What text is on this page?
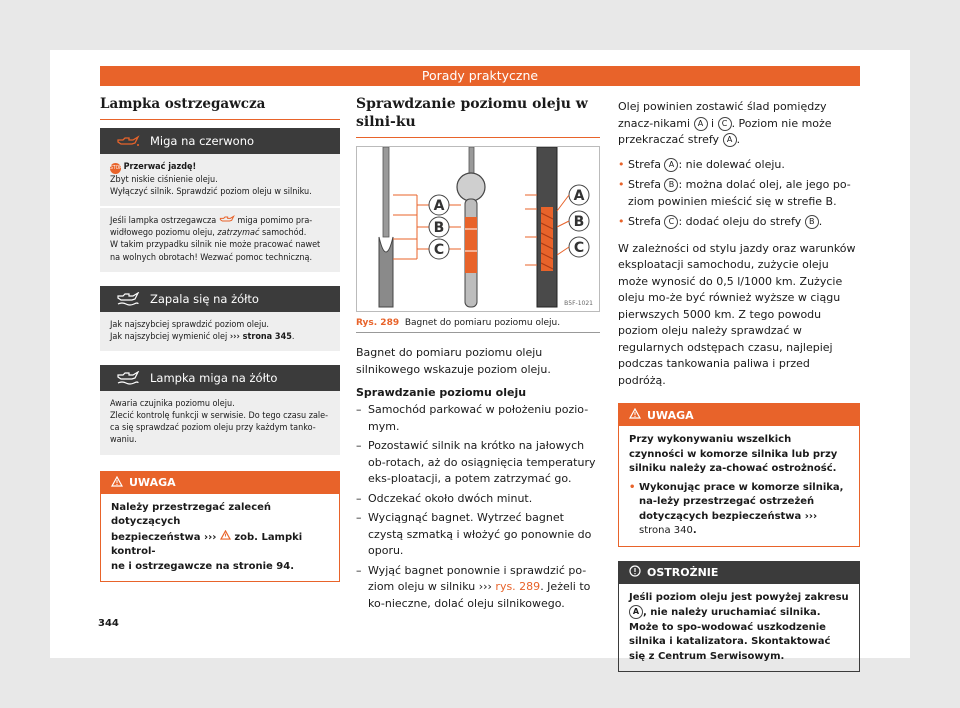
Porady praktyczne
Lampka ostrzegawcza
Miga na czerwono

STOP Przerwać jazdę!

Zbyt niskie ciśnienie oleju.

Wyłączyć silnik. Sprawdzić poziom oleju w silniku.

Jeśli lampka ostrzegawcza miga pomimo pra-

widłowego poziomu oleju, zatrzymać samochód.

W takim przypadku silnik nie może pracować nawet

na wolnych obrotach! Wezwać pomoc techniczną.

Zapala się na żółto

Jak najszybciej sprawdzić poziom oleju.

Jak najszybciej wymienić olej ››› strona 345.

Lampka miga na żółto

Awaria czujnika poziomu oleju.

Zlecić kontrolę funkcji w serwisie. Do tego czasu zale-

ca się sprawdzać poziom oleju przy każdym tanko-

waniu.

UWAGA

Należy przestrzegać zaleceń dotyczących

bezpieczeństwa ››› zob. Lampki kontrol-

ne i ostrzegawcze na stronie 94.

Sprawdzanie poziomu oleju w silni-ku
A
B
C
A
B
C
B5F-1021
Rys. 289 Bagnet do pomiaru poziomu oleju.

Bagnet do pomiaru poziomu oleju silnikowego wskazuje poziom oleju.

Sprawdzanie poziomu oleju

– Samochód parkować w położeniu pozio-mym.
– Pozostawić silnik na krótko na jałowych ob-rotach, aż do osiągnięcia temperatury eks-ploatacji, a potem zatrzymać go.
– Odczekać około dwóch minut.
– Wyciągnąć bagnet. Wytrzeć bagnet czystą szmatką i włożyć go ponownie do oporu.
– Wyjąć bagnet ponownie i sprawdzić po-ziom oleju w silniku ››› rys. 289. Jeżeli to ko-nieczne, dolać oleju silnikowego.

Olej powinien zostawić ślad pomiędzy znacz-nikami A i C . Poziom nie może przekraczać strefy A .

• Strefa A : nie dolewać oleju.
• Strefa B : można dolać olej, ale jego po-ziom powinien mieścić się w strefie B.
• Strefa C : dodać oleju do strefy B .

W zależności od stylu jazdy oraz warunków eksploatacji samochodu, zużycie oleju może wynosić do 0,5 l/1000 km. Zużycie oleju mo-że być również wyższe w ciągu pierwszych 5000 km. Z tego powodu poziom oleju należy sprawdzać w regularnych odstępach czasu, najlepiej podczas tankowania paliwa i przed podróżą.

UWAGA

Przy wykonywaniu wszelkich czynności w komorze silnika lub przy silniku należy za-chować ostrożność.

• Wykonując prace w komorze silnika, na-leży przestrzegać ostrzeżeń dotyczących bezpieczeństwa ››› strona 340.

OSTROŻNIE

Jeśli poziom oleju jest powyżej zakresu A , nie należy uruchamiać silnika. Może to spo-wodować uszkodzenie silnika i katalizatora. Skontaktować się z Centrum Serwisowym.

344
